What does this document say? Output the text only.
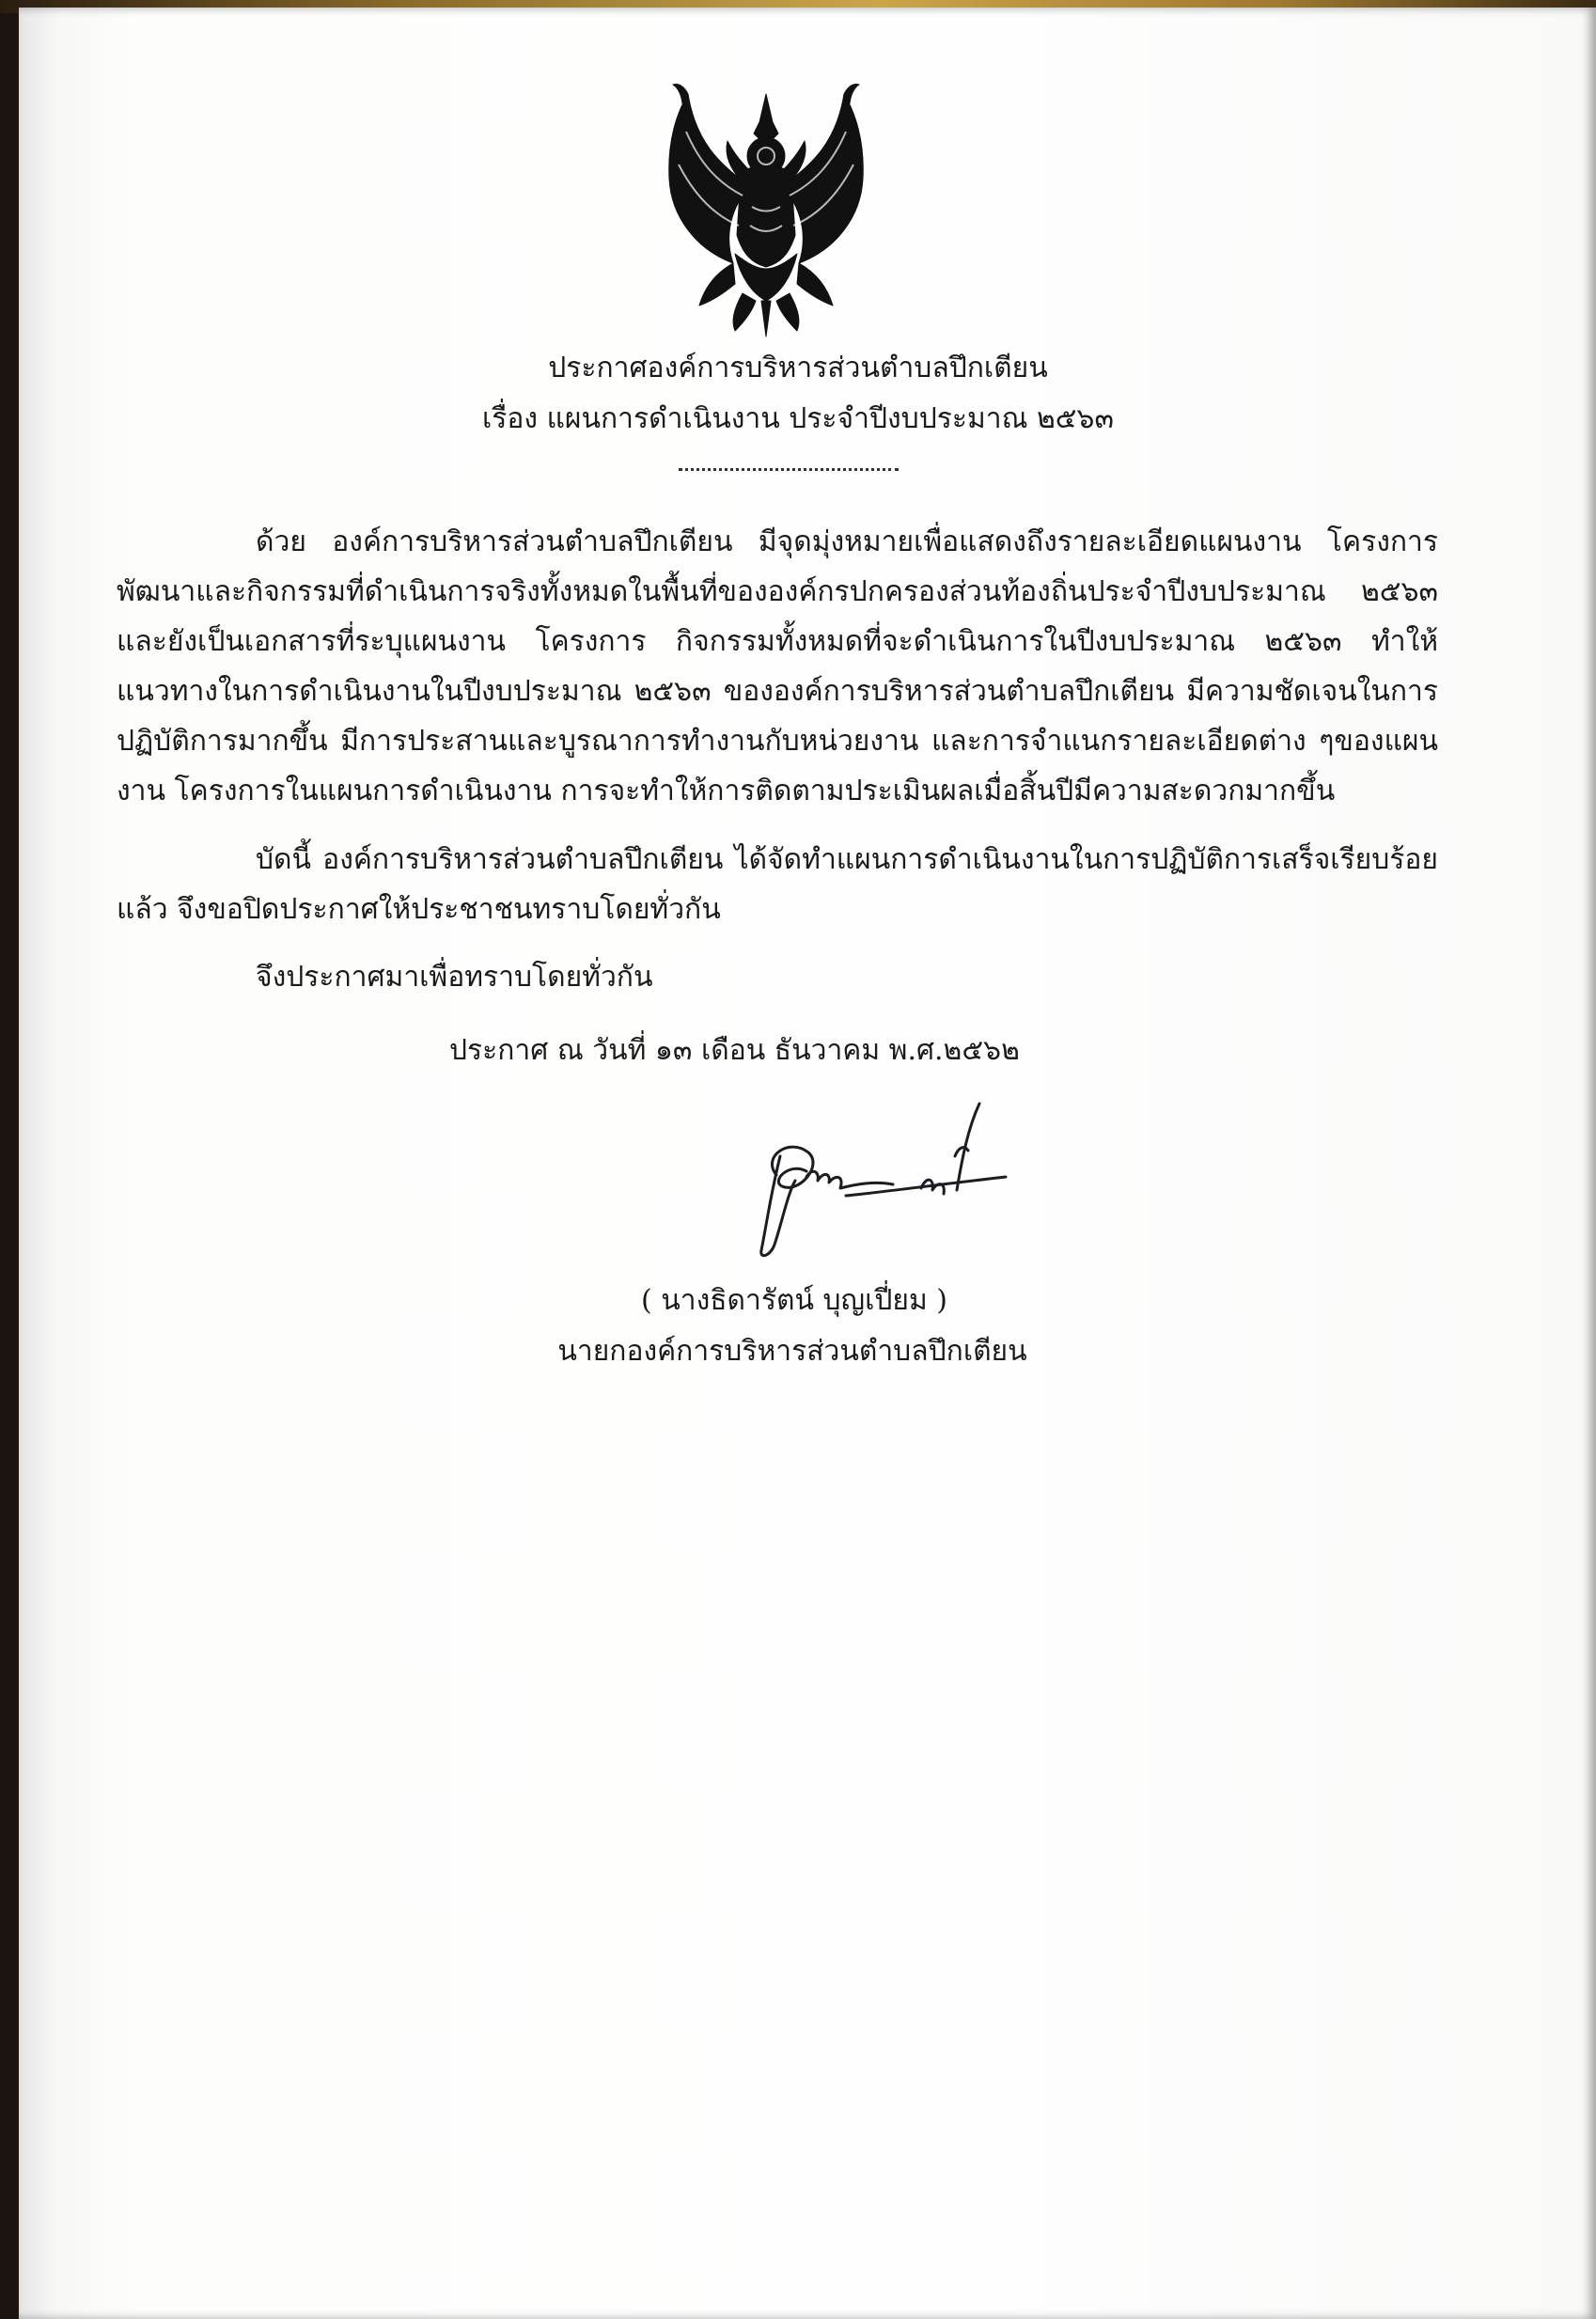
ประกาศองค์การบริหารส่วนตำบลปึกเตียน
เรื่อง แผนการดำเนินงาน ประจำปีงบประมาณ ๒๕๖๓
ด้วย องค์การบริหารส่วนตำบลปึกเตียน มีจุดมุ่งหมายเพื่อแสดงถึงรายละเอียดแผนงาน โครงการพัฒนาและกิจกรรมที่ดำเนินการจริงทั้งหมดในพื้นที่ขององค์กรปกครองส่วนท้องถิ่นประจำปีงบประมาณ ๒๕๖๓ และยังเป็นเอกสารที่ระบุแผนงาน โครงการ กิจกรรมทั้งหมดที่จะดำเนินการในปีงบประมาณ ๒๕๖๓ ทำให้แนวทางในการดำเนินงานในปีงบประมาณ ๒๕๖๓ ขององค์การบริหารส่วนตำบลปึกเตียน มีความชัดเจนในการปฏิบัติการมากขึ้น มีการประสานและบูรณาการทำงานกับหน่วยงาน และการจำแนกรายละเอียดต่าง ๆของแผนงาน โครงการในแผนการดำเนินงาน การจะทำให้การติดตามประเมินผลเมื่อสิ้นปีมีความสะดวกมากขึ้น
บัดนี้ องค์การบริหารส่วนตำบลปึกเตียน ได้จัดทำแผนการดำเนินงานในการปฏิบัติการเสร็จเรียบร้อยแล้ว จึงขอปิดประกาศให้ประชาชนทราบโดยทั่วกัน
จึงประกาศมาเพื่อทราบโดยทั่วกัน
ประกาศ ณ วันที่ ๑๓ เดือน ธันวาคม พ.ศ.๒๕๖๒
( นางธิดารัตน์ บุญเปี่ยม )
นายกองค์การบริหารส่วนตำบลปึกเตียน
